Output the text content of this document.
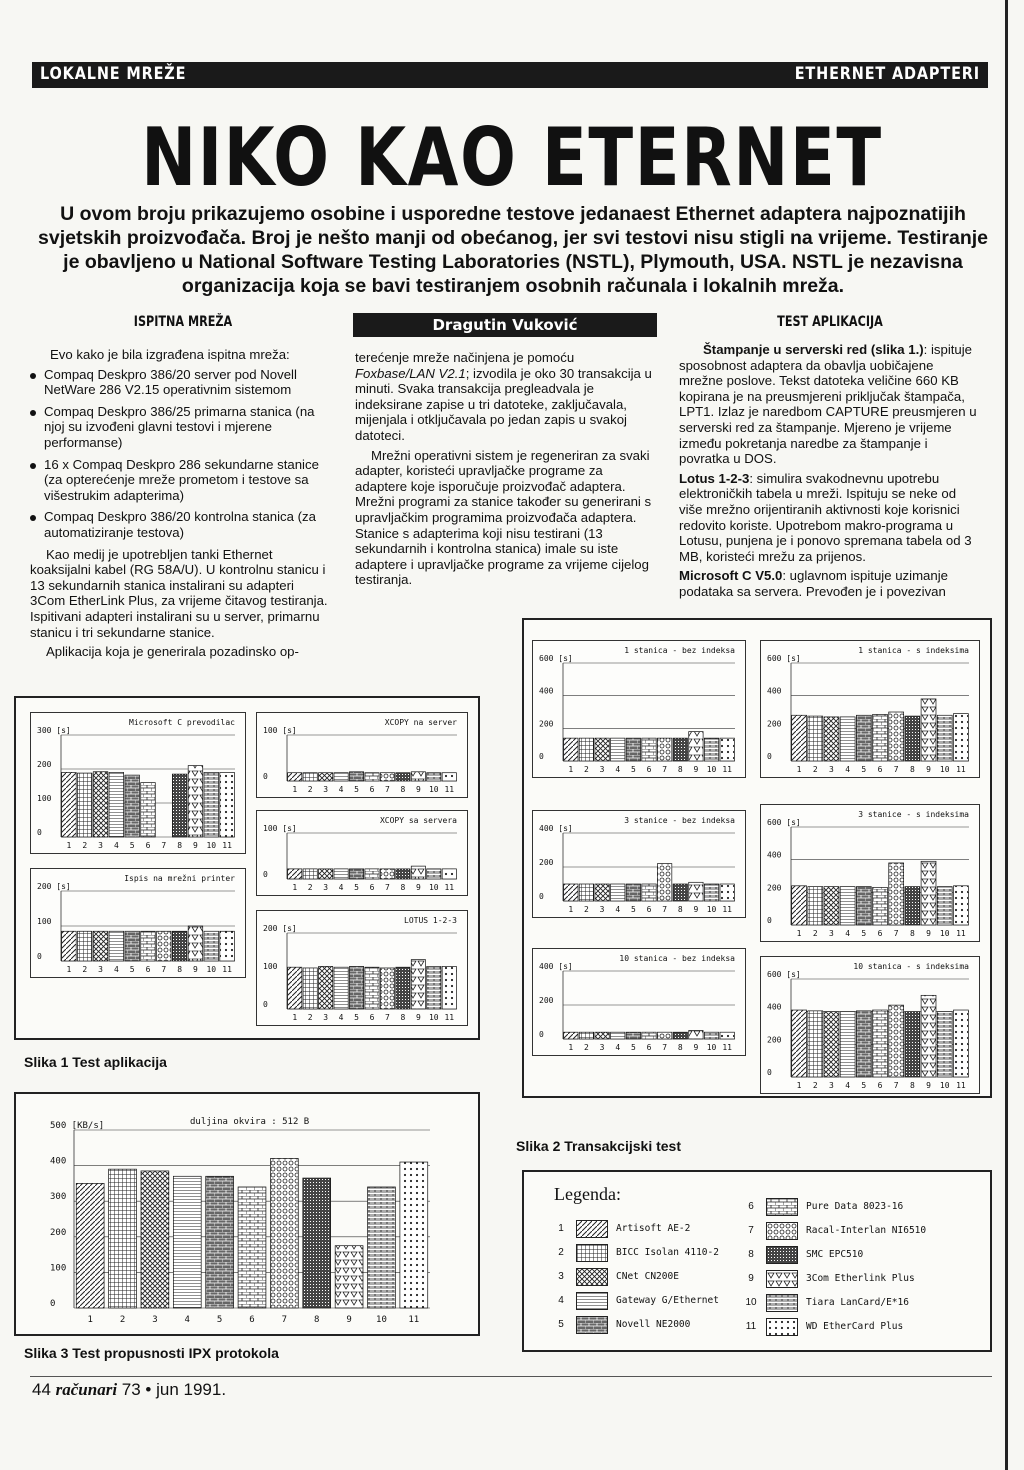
LOKALNE MREŽE	ETHERNET ADAPTERI
NIKO KAO ETERNET
U ovom broju prikazujemo osobine i usporedne testove jedanaest Ethernet adaptera najpoznatijih svjetskih proizvođača. Broj je nešto manji od obećanog, jer svi testovi nisu stigli na vrijeme. Testiranje je obavljeno u National Software Testing Laboratories (NSTL), Plymouth, USA. NSTL je nezavisna organizacija koja se bavi testiranjem osobnih računala i lokalnih mreža.
ISPITNA MREŽA

Evo kako je bila izgrađena ispitna mreža:

Compaq Deskpro 386/20 server pod Novell NetWare 286 V2.15 operativnim sistemom
Compaq Deskpro 386/25 primarna stanica (na njoj su izvođeni glavni testovi i mjerene performanse)
16 x Compaq Deskpro 286 sekundarne stanice (za opterećenje mreže prometom i testove sa višestrukim adapterima)
Compaq Deskpro 386/20 kontrolna stanica (za automatiziranje testova)

Kao medij je upotrebljen tanki Ethernet koaksijalni kabel (RG 58A/U). U kontrolnu stanicu i 13 sekundarnih stanica instalirani su adapteri 3Com EtherLink Plus, za vrijeme čitavog testiranja. Ispitivani adapteri instalirani su u server, primarnu stanicu i tri sekundarne stanice.

Aplikacija koja je generirala pozadinsko op-

Dragutin Vuković

terećenje mreže načinjena je pomoću Foxbase/LAN V2.1; izvodila je oko 30 transakcija u minuti. Svaka transakcija pregleadvala je indeksirane zapise u tri datoteke, zaključavala, mijenjala i otključavala po jedan zapis u svakoj datoteci.

Mrežni operativni sistem je regeneriran za svaki adapter, koristeći upravljačke programe za adaptere koje isporučuje proizvođač adaptera. Mrežni programi za stanice također su generirani s upravljačkim programima proizvođača adaptera. Stanice s adapterima koji nisu testirani (13 sekundarnih i kontrolna stanica) imale su iste adaptere i upravljačke programe za vrijeme cijelog testiranja.

TEST APLIKACIJA

Štampanje u serverski red (slika 1.): ispituje sposobnost adaptera da obavlja uobičajene mrežne poslove. Tekst datoteka veličine 660 KB kopirana je na preusmjereni priključak štampača, LPT1. Izlaz je naredbom CAPTURE preusmjeren u serverski red za štampanje. Mjereno je vrijeme između pokretanja naredbe za štampanje i povratka u DOS.

Lotus 1-2-3: simulira svakodnevnu upotrebu elektroničkih tabela u mreži. Ispituju se neke od više mrežno orijentiranih aktivnosti koje korisnici redovito koriste. Upotrebom makro-programa u Lotusu, punjena je i ponovo spremana tabela od 3 MB, koristeći mrežu za prijenos.

Microsoft C V5.0: uglavnom ispituje uzimanje podataka sa servera. Prevođen je i povezivan

Microsoft C prevodilac
300 [s]
200
100
0
1 2 3 4 5 6 7 8 9 10 11
Ispis na mrežni printer
200 [s]
100
0
1 2 3 4 5 6 7 8 9 10 11
XCOPY na server
100 [s]
0
1 2 3 4 5 6 7 8 9 10 11
XCOPY sa servera
100 [s]
0
1 2 3 4 5 6 7 8 9 10 11
LOTUS 1-2-3
200 [s]
100
0
1 2 3 4 5 6 7 8 9 10 11
1 stanica - bez indeksa
600 [s]
400
200
0
1 2 3 4 5 6 7 8 9 10 11
3 stanice - bez indeksa
400 [s]
200
0
1 2 3 4 5 6 7 8 9 10 11
10 stanica - bez indeksa
400 [s]
200
0
1 2 3 4 5 6 7 8 9 10 11
1 stanica - s indeksima
600 [s]
400
200
0
1 2 3 4 5 6 7 8 9 10 11
3 stanice - s indeksima
600 [s]
400
200
0
1 2 3 4 5 6 7 8 9 10 11
10 stanica - s indeksima
600 [s]
400
200
0
1 2 3 4 5 6 7 8 9 10 11
duljina okvira : 512 B
500 [KB/s]
400
300
200
100
0
1	2	3	4	5	6	7	8	9	10 11
Slika 1 Test aplikacija
Slika 2 Transakcijski test
Slika 3 Test propusnosti IPX protokola
Legenda:
1	Artisoft AE-2
2	BICC Isolan 4110-2
3	CNet CN200E
4	Gateway G/Ethernet
5	Novell NE2000
6	Pure Data 8023-16
7	Racal-Interlan NI6510
8	SMC EPC510
9	3Com Etherlink Plus
10	Tiara LanCard/E*16
11	WD EtherCard Plus
44 računari 73 • jun 1991.
